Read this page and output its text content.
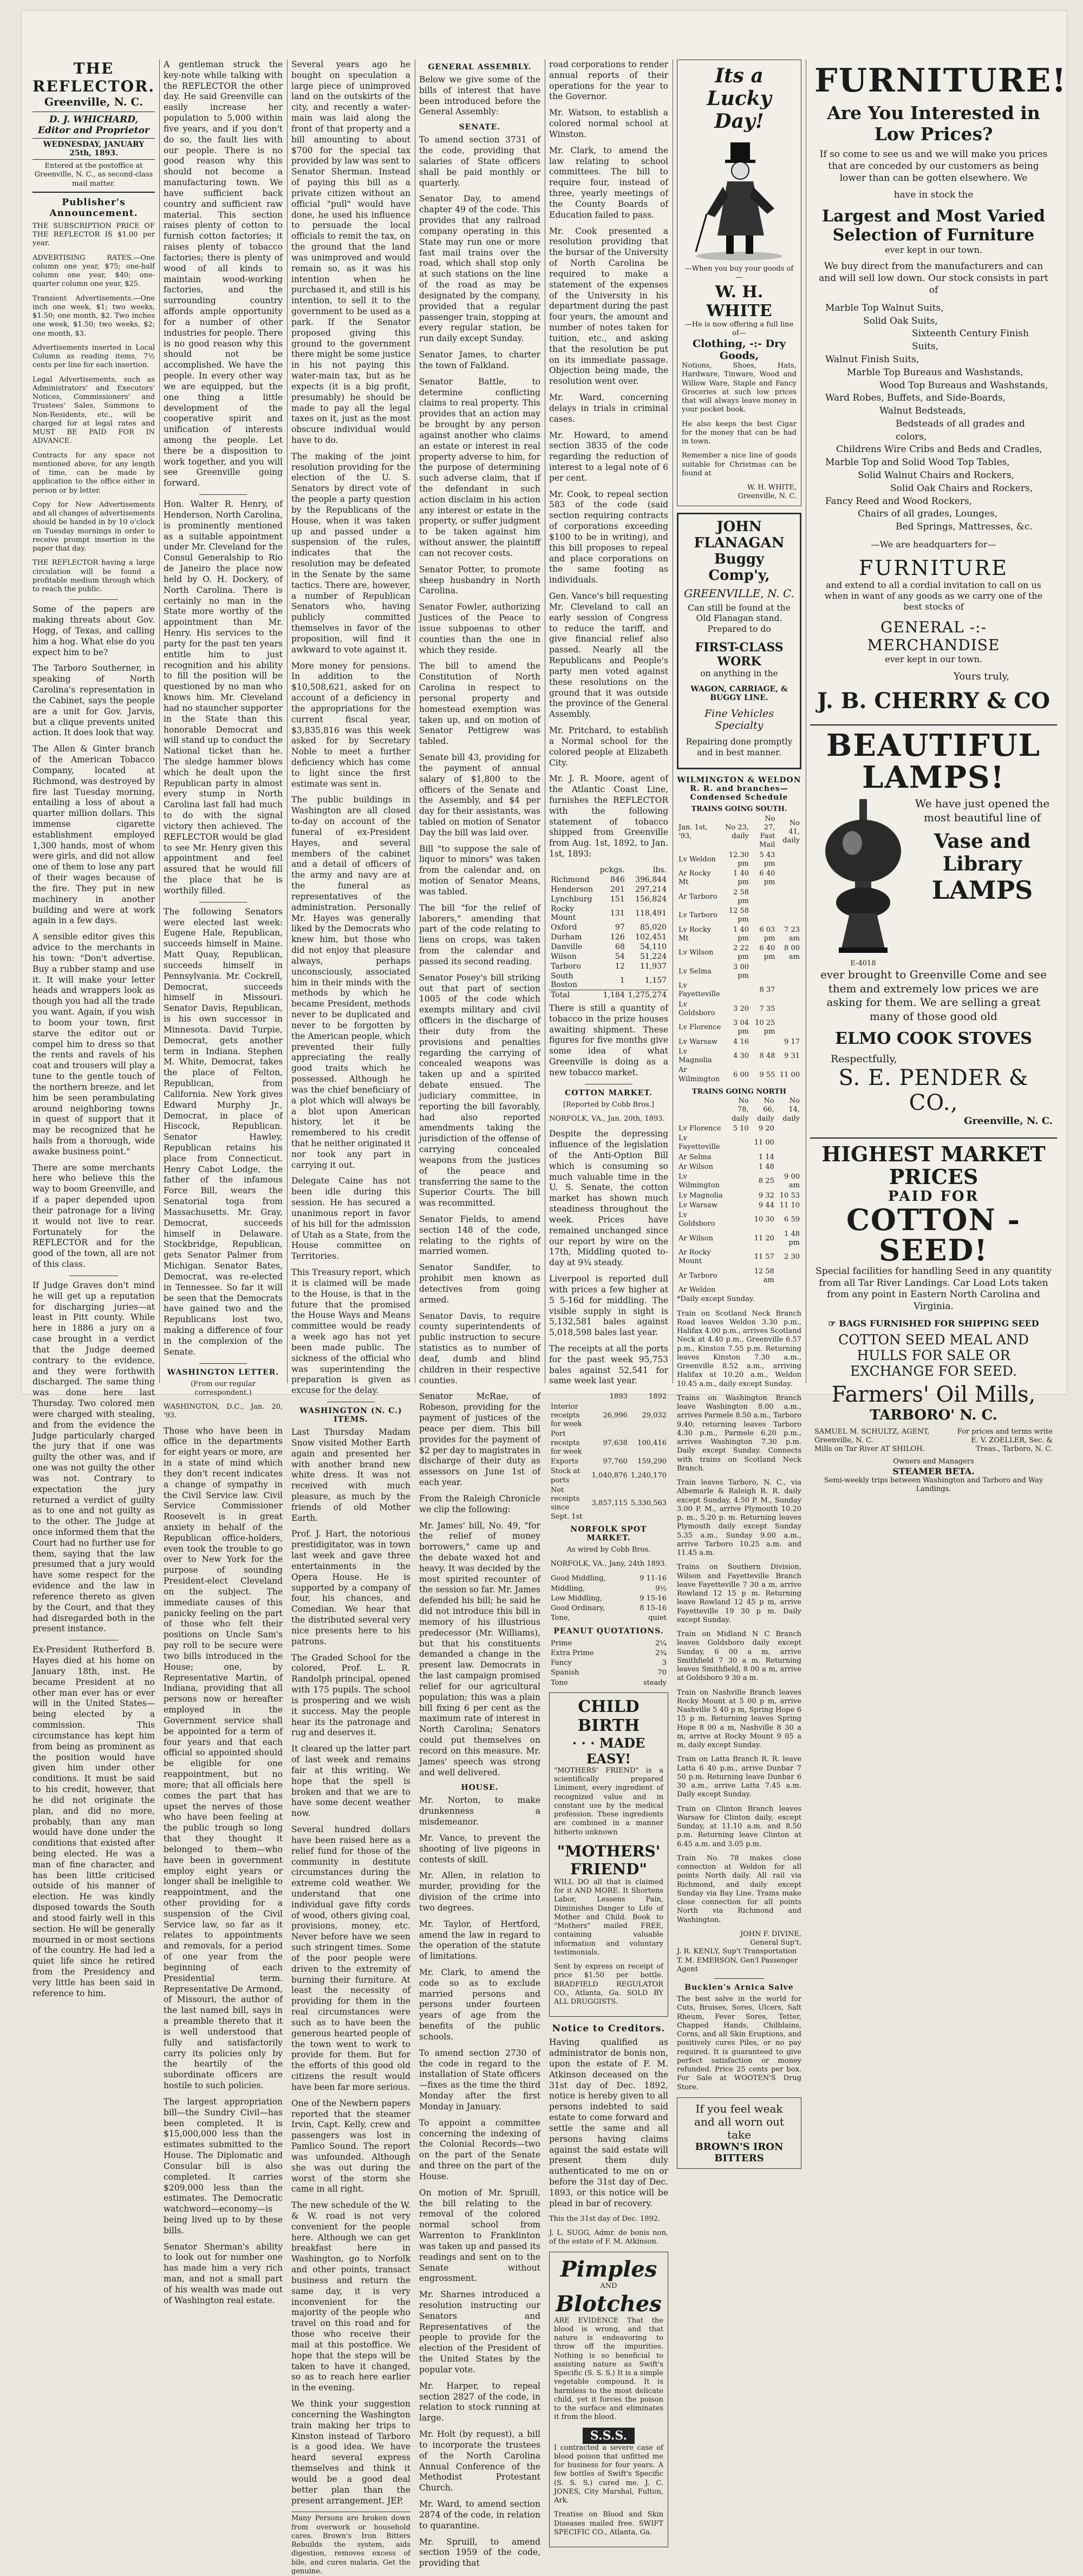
THE REFLECTOR.
Greenville, N. C.
D. J. WHICHARD, Editor and Proprietor
WEDNESDAY, JANUARY 25th, 1893.
Entered at the postoffice at Greenville, N. C., as second-class mail matter.
Publisher's Announcement.

THE SUBSCRIPTION PRICE OF THE REFLECTOR IS $1.00 per year.

ADVERTISING RATES.—One column one year, $75; one-half column one year, $40; one-quarter column one year, $25.

Transient Advertisements.—One inch one week, $1; two weeks, $1.50; one month, $2. Two inches one week, $1.50; two weeks, $2; one month, $3.

Advertisements inserted in Local Column as reading items, 7½ cents per line for each insertion.

Legal Advertisements, such as Administrators' and Executors' Notices, Commissioners' and Trustees' Sales, Summons to Non-Residents, etc., will be charged for at legal rates and MUST BE PAID FOR IN ADVANCE.

Contracts for any space not mentioned above, for any length of time, can be made by application to the office either in person or by letter.

Copy for New Advertisements and all changes of advertisements should be handed in by 10 o'clock on Tuesday mornings in order to receive prompt insertion in the paper that day.

THE REFLECTOR having a large circulation will be found a profitable medium through which to reach the public.

Some of the papers are making threats about Gov. Hogg, of Texas, and calling him a hog. What else do you expect him to be?

The Tarboro Southerner, in speaking of North Carolina's representation in the Cabinet, says the people are a unit for Gov. Jarvis, but a clique prevents united action. It does look that way.

The Allen & Ginter branch of the American Tobacco Company, located at Richmond, was destroyed by fire last Tuesday morning, entailing a loss of about a quarter million dollars. This immense cigarette establishment employed 1,300 hands, most of whom were girls, and did not allow one of them to lose any part of their wages because of the fire. They put in new machinery in another building and were at work again in a few days.

A sensible editor gives this advice to the merchants in his town: "Don't advertise. Buy a rubber stamp and use it. It will make your letter heads and wrappers look as though you had all the trade you want. Again, if you wish to boom your town, first starve the editor out or compel him to dress so that the rents and ravels of his coat and trousers will play a tune to the gentle touch of the northern breeze, and let him be seen perambulating around neighboring towns in quest of support that it may be recognized that he hails from a thorough, wide awake business point."

There are some merchants here who believe this the way to boom Greenville, and if a paper depended upon their patronage for a living it would not live to rear. Fortunately for the REFLECTOR and for the good of the town, all are not of this class.

If Judge Graves don't mind he will get up a reputation for discharging juries—at least in Pitt county. While here in 1886 a jury on a case brought in a verdict that the Judge deemed contrary to the evidence, and they were forthwith discharged. The same thing was done here last Thursday. Two colored men were charged with stealing, and from the evidence the Judge particularly charged the jury that if one was guilty the other was, and if one was not guilty the other was not. Contrary to expectation the jury returned a verdict of guilty as to one and not guilty as to the other. The Judge at once informed them that the Court had no further use for them, saying that the law presumed that a jury would have some respect for the evidence and the law in reference thereto as given by the Court, and that they had disregarded both in the present instance.

Ex-President Rutherford B. Hayes died at his home on January 18th, inst. He became President at no other man ever has or ever will in the United States—being elected by a commission. This circumstance has kept him from being as prominent as the position would have given him under other conditions. It must be said to his credit, however, that he did not originate the plan, and did no more, probably, than any man would have done under the conditions that existed after being elected. He was a man of fine character, and has been little criticised outside of his manner of election. He was kindly disposed towards the South and stood fairly well in this section. He will be generally mourned in or most sections of the country. He had led a quiet life since he retired from the Presidency and very little has been said in reference to him.

A gentleman struck the key-note while talking with the REFLECTOR the other day. He said Greenville can easily increase her population to 5,000 within five years, and if you don't do so, the fault lies with our people. There is no good reason why this should not become a manufacturing town. We have sufficient back country and sufficient raw material. This section raises plenty of cotton to furnish cotton factories; it raises plenty of tobacco factories; there is plenty of wood of all kinds to maintain wood-working factories, and the surrounding country affords ample opportunity for a number of other industries for people. There is no good reason why this should not be accomplished. We have the people. In every other way we are equipped, but the one thing a little development of the cooperative spirit and unification of interests among the people. Let there be a disposition to work together, and you will see Greenville going forward.

Hon. Walter R. Henry, of Henderson, North Carolina, is prominently mentioned as a suitable appointment under Mr. Cleveland for the Consul Generalship to Rio de Janeiro the place now held by O. H. Dockery, of North Carolina. There is certainly no man in the State more worthy of the appointment than Mr. Henry. His services to the party for the past ten years entitle him to just recognition and his ability to fill the position will be questioned by no man who knows him. Mr. Cleveland had no stauncher supporter in the State than this honorable Democrat and will stand up to conduct the National ticket than he. The sledge hammer blows which he dealt upon the Republican party in almost every stump in North Carolina last fall had much to do with the signal victory then achieved. The REFLECTOR would be glad to see Mr. Henry given this appointment and feel assured that he would fill the place that he is worthily filled.

The following Senators were elected last week: Eugene Hale, Republican, succeeds himself in Maine. Matt Quay, Republican, succeeds himself in Pennsylvania. Mr. Cockrell, Democrat, succeeds himself in Missouri. Senator Davis, Republican, is his own successor in Minnesota. David Turpie, Democrat, gets another term in Indiana. Stephen M. White, Democrat, takes the place of Felton, Republican, from California. New York gives Edward Murphy Jr., Democrat, in place of Hiscock, Republican. Senator Hawley, Republican retains his place from Connecticut. Henry Cabot Lodge, the father of the infamous Force Bill, wears the Senatorial toga from Massachusetts. Mr. Gray, Democrat, succeeds himself in Delaware. Stockbridge, Republican, gets Senator Palmer from Michigan. Senator Bates, Democrat, was re-elected in Tennessee. So far it will be seen that the Democrats have gained two and the Republicans lost two, making a difference of four in the complexion of the Senate.

WASHINGTON LETTER.

(From our regular correspondent.)

WASHINGTON, D.C., Jan. 20, '93.

Those who have been in office in the departments for eight years or more, are in a state of mind which they don't recent indicates a change of sympathy in the Civil Service law. Civil Service Commissioner Roosevelt is in great anxiety in behalf of the Republican office-holders, even took the trouble to go over to New York for the purpose of sounding President-elect Cleveland on the subject. The immediate causes of this panicky feeling on the part of those who felt their positions on Uncle Sam's pay roll to be secure were two bills introduced in the House; one, by Representative Martin, of Indiana, providing that all persons now or hereafter employed in the Government service shall be appointed for a term of four years and that each official so appointed should be eligible for one reappointment, but no more; that all officials here comes the part that has upset the nerves of those who have been feeling at the public trough so long that they thought it belonged to them—who have been in government employ eight years or longer shall be ineligible to reappointment, and the other providing for a suspension of the Civil Service law, so far as it relates to appointments and removals, for a period of one year from the beginning of each Presidential term. Representative De Armond, of Missouri, the author of the last named bill, says in a preamble thereto that it is well understood that fully and satisfactorily carry its policies only by the heartily of the subordinate officers are hostile to such policies.

The largest appropriation bill—the Sundry Civil—has been completed. It is $15,000,000 less than the estimates submitted to the House. The Diplomatic and Consular bill is also completed. It carries $209,000 less than the estimates. The Democratic watchword—economy—is being lived up to by these bills.

Senator Sherman's ability to look out for number one has made him a very rich man, and not a small part of his wealth was made out of Washington real estate.

Several years ago he bought on speculation a large piece of unimproved land on the outskirts of the city, and recently a water-main was laid along the front of that property and a bill amounting to about $700 for the special tax provided by law was sent to Senator Sherman. Instead of paying this bill as a private citizen without an official "pull" would have done, he used his influence to persuade the local officials to remit the tax, on the ground that the land was unimproved and would remain so, as it was his intention when he purchased it, and still is his intention, to sell it to the government to be used as a park. If the Senator proposed giving this ground to the government there might be some justice in his not paying this water-main tax, but as he expects (it is a big profit, presumably) he should be made to pay all the legal taxes on it, just as the most obscure individual would have to do.

The making of the joint resolution providing for the election of the U. S. Senators by direct vote of the people a party question by the Republicans of the House, when it was taken up and passed under a suspension of the rules, indicates that the resolution may be defeated in the Senate by the same tactics. There are, however, a number of Republican Senators who, having publicly committed themselves in favor of the proposition, will find it awkward to vote against it.

More money for pensions. In addition to the $10,508,621, asked for on account of a deficiency in the appropriations for the current fiscal year, $3,835,816 was this week asked for by Secretary Noble to meet a further deficiency which has come to light since the first estimate was sent in.

The public buildings in Washington are all closed to-day on account of the funeral of ex-President Hayes, and several members of the cabinet and a detail of officers of the army and navy are at the funeral as representatives of the administration. Personally Mr. Hayes was generally liked by the Democrats who knew him, but those who did not enjoy that pleasure always, perhaps unconsciously, associated him in their minds with the methods by which he became President, methods never to be duplicated and never to be forgotten by the American people, which prevented their fully appreciating the really good traits which he possessed. Although he was the chief beneficiary of a plot which will always be a blot upon American history, let it be remembered to his credit that he neither originated it nor took any part in carrying it out.

Delegate Caine has not been idle during this session. He has secured a unanimous report in favor of his bill for the admission of Utah as a State, from the House committee on Territories.

This Treasury report, which it is claimed will be made to the House, is that in the future that the promised the House Ways and Means committee would be ready a week ago has not yet been made public. The sickness of the official who was superintending the preparation is given as excuse for the delay.

WASHINGTON (N. C.) ITEMS.

Last Thursday Madam Snow visited Mother Earth again and presented her with another brand new white dress. It was not received with much pleasure, as much by the friends of old Mother Earth.

Prof. J. Hart, the notorious prestidigitator, was in town last week and gave three entertainments in the Opera House. He is supported by a company of four, his chances, and Comedian. We hear that the distributed several very nice presents here to his patrons.

The Graded School for the colored, Prof. L. R. Randolph principal, opened with 175 pupils. The school is prospering and we wish it success. May the people hear its the patronage and rug and deserves it.

It cleared up the latter part of last week and remains fair at this writing. We hope that the spell is broken and that we are to have some decent weather now.

Several hundred dollars have been raised here as a relief fund for those of the community in destitute circumstances during the extreme cold weather. We understand that one individual gave fifty cords of wood, others giving coal, provisions, money, etc. Never before have we seen such stringent times. Some of the poor people were driven to the extremity of burning their furniture. At least the necessity of providing for them in the real circumstances were such as to have been the generous hearted people of the town went to work to provide for them. But for the efforts of this good old citizens the result would have been far more serious.

One of the Newbern papers reported that the steamer Irvin, Capt. Kelly, crew and passengers was lost in Pamlico Sound. The report was unfounded. Although she was out during the worst of the storm she came in all right.

The new schedule of the W. & W. road is not very convenient for the people here. Although we can get breakfast here in Washington, go to Norfolk and other points, transact business and return the same day, it is very inconvenient for the majority of the people who travel on this road and for those who receive their mail at this postoffice. We hope that the steps will be taken to have it changed, so as to reach here earlier in the evening.

We think your suggestion concerning the Washington train making her trips to Kinston instead of Tarboro is a good idea. We have heard several express themselves and think it would be a good deal better plan than the present arrangement. JEP.

Many Persons are broken down from overwork or household cares. Brown's Iron Bitters Rebuilds the system, aids digestion, removes excess of bile, and cures malaria. Get the genuine.

GENERAL ASSEMBLY.

Below we give some of the bills of interest that have been introduced before the General Assembly:

SENATE.

To amend section 3731 of the code, providing that salaries of State officers shall be paid monthly or quarterly.

Senator Day, to amend chapter 49 of the code. This provides that any railroad company operating in this State may run one or more fast mail trains over the road, which shall stop only at such stations on the line of the road as may be designated by the company, provided that a regular passenger train, stopping at every regular station, be run daily except Sunday.

Senator James, to charter the town of Falkland.

Senator Battle, to determine conflicting claims to real property. This provides that an action may be brought by any person against another who claims an estate or interest in real property adverse to him, for the purpose of determining such adverse claim, that if the defendant in such action disclaim in his action any interest or estate in the property, or suffer judgment to be taken against him without answer, the plaintiff can not recover costs.

Senator Potter, to promote sheep husbandry in North Carolina.

Senator Fowler, authorizing Justices of the Peace to issue subpoenas to other counties than the one in which they reside.

The bill to amend the Constitution of North Carolina in respect to personal property and homestead exemption was taken up, and on motion of Senator Pettigrew was tabled.

Senate bill 43, providing for the payment of annual salary of $1,800 to the officers of the Senate and the Assembly, and $4 per day for their assistants, was tabled on motion of Senator Day the bill was laid over.

Bill "to suppose the sale of liquor to minors" was taken from the calendar and, on motion of Senator Means, was tabled.

The bill "for the relief of laborers," amending that part of the code relating to liens on crops, was taken from the calendar and passed its second reading.

Senator Posey's bill striking out that part of section 1005 of the code which exempts military and civil officers in the discharge of their duty from the provisions and penalties regarding the carrying of concealed weapons was taken up and a spirited debate ensued. The judiciary committee, in reporting the bill favorably, had also reported amendments taking the jurisdiction of the offense of carrying concealed weapons from the justices of the peace and transferring the same to the Superior Courts. The bill was recommitted.

Senator Fields, to amend section 148 of the code, relating to the rights of married women.

Senator Sandifer, to prohibit men known as detectives from going armed.

Senator Davis, to require county superintendents of public instruction to secure statistics as to number of deaf, dumb and blind children in their respective counties.

Senator McRae, of Robeson, providing for the payment of justices of the peace per diem. This bill provides for the payment of $2 per day to magistrates in discharge of their duty as assessors on June 1st of each year.

From the Raleigh Chronicle we clip the following:

Mr. James' bill, No. 49, "for the relief of money borrowers," came up and the debate waxed hot and heavy. It was decided by the most spirited recounter of the session so far. Mr. James defended his bill; he said he did not introduce this bill in memory of his illustrious predecessor (Mr. Williams), but that his constituents demanded a change in the present law. Democrats in the last campaign promised relief for our agricultural population; this was a plain bill fixing 6 per cent as the maximum rate of interest in North Carolina; Senators could put themselves on record on this measure. Mr. James' speech was strong and well delivered.

HOUSE.

Mr. Norton, to make drunkenness a misdemeanor.

Mr. Vance, to prevent the shooting of live pigeons in contests of skill.

Mr. Allen, in relation to murder, providing for the division of the crime into two degrees.

Mr. Taylor, of Hertford, amend the law in regard to the operation of the statute of limitations.

Mr. Clark, to amend the code so as to exclude married persons and persons under fourteen years of age from the benefits of the public schools.

To amend section 2730 of the code in regard to the installation of State officers—fixes as the time the third Monday after the first Monday in January.

To appoint a committee concerning the indexing of the Colonial Records—two on the part of the Senate and three on the part of the House.

On motion of Mr. Spruill, the bill relating to the removal of the colored normal school from Warrenton to Franklinton was taken up and passed its readings and sent on to the Senate without engrossment.

Mr. Sharnes introduced a resolution instructing our Senators and Representatives of the people to provide for the election of the President of the United States by the popular vote.

Mr. Harper, to repeal section 2827 of the code, in relation to stock running at large.

Mr. Holt (by request), a bill to incorporate the trustees of the North Carolina Annual Conference of the Methodist Protestant Church.

Mr. Ward, to amend section 2874 of the code, in relation to quarantine.

Mr. Spruill, to amend section 1959 of the code, providing that

road corporations to render annual reports of their operations for the year to the Governor.

Mr. Watson, to establish a colored normal school at Winston.

Mr. Clark, to amend the law relating to school committees. The bill to require four, instead of three, yearly meetings of the County Boards of Education failed to pass.

Mr. Cook presented a resolution providing that the bursar of the University of North Carolina be required to make a statement of the expenses of the University in his department during the past four years, the amount and number of notes taken for tuition, etc., and asking that the resolution be put on its immediate passage. Objection being made, the resolution went over.

Mr. Ward, concerning delays in trials in criminal cases.

Mr. Howard, to amend section 3835 of the code regarding the reduction of interest to a legal note of 6 per cent.

Mr. Cook, to repeal section 583 of the code (said section requiring contracts of corporations exceeding $100 to be in writing), and this bill proposes to repeal and place corporations on the same footing as individuals.

Gen. Vance's bill requesting Mr. Cleveland to call an early session of Congress to reduce the tariff, and give financial relief also passed. Nearly all the Republicans and People's party men voted against these resolutions on the ground that it was outside the province of the General Assembly.

Mr. Pritchard, to establish a Normal school for the colored people at Elizabeth City.

Mr. J. R. Moore, agent of the Atlantic Coast Line, furnishes the REFLECTOR with the following statement of tobacco shipped from Greenville from Aug. 1st, 1892, to Jan. 1st, 1893:

	pckgs.	lbs.
Richmond	846	396,844
Henderson	201	297,214
Lynchburg	151	156,824
Rocky Mount	131	118,491
Oxford	97	85,020
Durham	126	102,451
Danville	68	54,110
Wilson	54	51,224
Tarboro	12	11,937
South Boston	1	1,157
Total	1,184	1,275,274

There is still a quantity of tobacco in the prize houses awaiting shipment. These figures for five months give some idea of what Greenville is doing as a new tobacco market.

COTTON MARKET.

[Reported by Cobb Bros.]

NORFOLK, VA., Jan. 20th, 1893.

Despite the depressing influence of the legislation of the Anti-Option Bill which is consuming so much valuable time in the U. S. Senate, the cotton market has shown much steadiness throughout the week. Prices have remained unchanged since our report by wire on the 17th, Middling quoted to-day at 9¾ steady.

Liverpool is reported dull with prices a few higher at 5 5-16d for middling. The visible supply in sight is 5,132,581 bales against 5,018,598 bales last year.

The receipts at all the ports for the past week 95,753 bales against 52,541 for same week last year.

	1893	1892
Interior receipts for week	26,996	29,032
Port receipts for week	97,638	100,416
Exports	97,760	159,290
Stock at ports	1,040,876	1,240,170
Net receipts since Sept. 1st	3,857,115	5,330,563
NORFOLK SPOT MARKET.

As wired by Cobb Bros.

NORFOLK, VA., Jany, 24th 1893.

Good Middling,	9 11-16
Middling,	9½
Low Middling,	9 15-16
Good Ordinary,	8 15-16
Tone,	quiet
PEANUT QUOTATIONS.
Prime	2¼
Extra Prime	2¾
Fancy	3
Spanish	70
Tone	steady
CHILD BIRTH
· · · MADE EASY!

"MOTHERS' FRIEND" is a scientifically prepared Liniment, every ingredient of recognized value and in constant use by the medical profession. These ingredients are combined in a manner hitherto unknown

"MOTHERS' FRIEND"

WILL DO all that is claimed for it AND MORE. It Shortens Labor, Lessens Pain, Diminishes Danger to Life of Mother and Child. Book to "Mothers" mailed FREE, containing valuable information and voluntary testimonials.

Sent by express on receipt of price $1.50 per bottle. BRADFIELD REGULATOR CO., Atlanta, Ga. SOLD BY ALL DRUGGISTS.

Notice to Creditors.

Having qualified as administrator de bonis non, upon the estate of F. M. Atkinson deceased on the 31st day of Dec. 1892, notice is hereby given to all persons indebted to said estate to come forward and settle the same and all persons having claims against the said estate will present them duly authenticated to me on or before the 31st day of Dec. 1893, or this notice will be plead in bar of recovery.

This the 31st day of Dec. 1892.

J. L. SUGG, Admr. de bonis non, of the estate of F. M. Atkinson.

Pimples
AND
Blotches

ARE EVIDENCE That the blood is wrong, and that nature is endeavoring to throw off the impurities. Nothing is so beneficial to assisting nature as Swift's Specific (S. S. S.) It is a simple vegetable compound. It is harmless to the most delicate child, yet it forces the poison to the surface and eliminates it from the blood.

S.S.S.

I contracted a severe case of blood poison that unfitted me for business for four years. A few bottles of Swift's Specific (S. S. S.) cured me. J. C. JONES, City Marshal, Fulton, Ark.

Treatise on Blood and Skin Diseases mailed free. SWIFT SPECIFIC CO., Atlanta, Ga.

Its a Lucky Day!
—When you buy your goods of—
W. H. WHITE
—He is now offering a full line of—
Clothing, -:- Dry Goods,

Notions, Shoes, Hats, Hardware, Tinware, Wood and Willow Ware, Staple and Fancy Groceries at such low prices that will always leave money in your pocket book.

He also keeps the best Cigar for the money that can be had in town.

Remember a nice line of goods suitable for Christmas can be found at

W. H. WHITE,
Greenville, N. C.
JOHN FLANAGAN
Buggy Comp'y,
GREENVILLE, N. C.

Can still be found at the Old Flanagan stand. Prepared to do

FIRST-CLASS WORK

on anything in the

WAGON, CARRIAGE, & BUGGY LINE.
Fine Vehicles Specialty

Repairing done promptly and in best manner.

WILMINGTON & WELDON R. R. and branches—Condensed Schedule
TRAINS GOING SOUTH.
Jan. 1st, '93,	No 23, daily	No 27, Fast Mail	No 41, daily
Lv Weldon	12.30 pm	5 43 pm	
Ar Rocky Mt	1 40 pm	6 40 pm	
Ar Tarboro	2 58 pm		
Lv Tarboro	12 58 pm		
Lv Rocky Mt	1 40 pm	6 03 pm	7 23 am
Lv Wilson	2 22 pm	6 40 pm	8 00 am
Lv Selma	3 00 pm		
Lv Fayetteville		8 37	
Lv Goldsboro	3 20	7 35	
Lv Florence	3 04 pm	10 25 pm	
Lv Warsaw	4 16		9 17
Lv Magnolia	4 30	8 48	9 31
Ar Wilmington	6 00	9 55	11 00
TRAINS GOING NORTH
	No 78, daily	No 66, daily	No 14, daily
Lv Florence	5 10	9 20	
Lv Fayetteville		11 00	
Ar Selma		1 14	
Ar Wilson		1 48	
Lv Wilmington		8 25	9 00 am
Lv Magnolia		9 32	10 53
Lv Warsaw		9 44	11 10
Lv Goldsboro		10 30	6 59
Ar Wilson		11 20	1 48 pm
Ar Rocky Mount		11 57	2 30
Ar Tarboro		12 58 am	
Ar Weldon			

*Daily except Sunday.

Train on Scotland Neck Branch Road leaves Weldon 3.30 p.m., Halifax 4.00 p.m., arrives Scotland Neck at 4.40 p.m., Greenville 6.57 p.m., Kinston 7.55 p.m. Returning leaves Kinston 7.30 a.m., Greenville 8.52 a.m., arriving Halifax at 10.20 a.m., Weldon 10.45 a.m., daily except Sunday.

Trains on Washington Branch leave Washington 8.00 a.m., arrives Parmele 8.50 a.m., Tarboro 9.40; returning leaves Tarboro 4.30 p.m., Parmele 6.20 p.m., arrives Washington 7.30 p.m. Daily except Sunday. Connects with trains on Scotland Neck Branch.

Train leaves Tarboro, N. C., via Albemarle & Raleigh R. R. daily except Sunday, 4.50 P. M., Sunday 3.00 P. M., arrive Plymouth 10.20 p. m., 5.20 p. m. Returning leaves Plymouth daily except Sunday 5.35 a.m., Sunday 9.00 a.m., arrive Tarboro 10.25 a.m. and 11.45 a.m.

Trains on Southern Division, Wilson and Fayetteville Branch leave Fayetteville 7 30 a m, arrive Rowland 12 15 p m. Returning leave Rowland 12 45 p m, arrive Fayetteville 19 30 p m. Daily except Sunday.

Train on Midland N C Branch leaves Goldsboro daily except Sunday, 6 00 a m, arrive Smithfield 7 30 a m. Returning leaves Smithfield, 8 00 a m, arrive at Goldsboro 9 30 a m.

Train on Nashville Branch leaves Rocky Mount at 5 00 p m, arrive Nashville 5 40 p m, Spring Hope 6 15 p m. Returning leaves Spring Hope 8 00 a m, Nashville 8 30 a m, arrive at Rocky Mount 9 05 a m, daily except Sunday.

Train on Latta Branch R. R. leave Latta 6 40 p.m., arrive Dunbar 7 50 p.m. Returning leave Dunbar 6 30 a.m., arrive Latta 7.45 a.m. Daily except Sunday.

Train on Clinton Branch leaves Warsaw for Clinton daily, except Sunday, at 11.10 a.m. and 8.50 p.m. Returning leave Clinton at 6.45 a.m. and 3.05 p.m.

Train No. 78 makes close connection at Weldon for all points North daily. All rail via Richmond, and daily except Sunday via Bay Line. Trains make close connection for all points North via Richmond and Washington.

JOHN F. DIVINE,
General Sup't.
J. R. KENLY, Sup't Transportation
T. M. EMERSON, Gen'l Passenger Agent
Bucklen's Arnica Salve

The best salve in the world for Cuts, Bruises, Sores, Ulcers, Salt Rheum, Fever Sores, Tetter, Chapped Hands, Chilblains, Corns, and all Skin Eruptions, and positively cures Piles, or no pay required. It is guaranteed to give perfect satisfaction or money refunded. Price 25 cents per box. For Sale at WOOTEN'S Drug Store.

If you feel weak
and all worn out take
BROWN'S IRON BITTERS
FURNITURE!
Are You Interested in Low Prices?

If so come to see us and we will make you prices that are conceded by our customers as being lower than can be gotten elsewhere. We

have in stock the

Largest and Most Varied
Selection of Furniture

ever kept in our town.

We buy direct from the manufacturers and can and will sell low down. Our stock consists in part of

Marble Top Walnut Suits,
Solid Oak Suits,
Sixteenth Century Finish Suits,
Walnut Finish Suits,
Marble Top Bureaus and Washstands,
Wood Top Bureaus and Washstands,
Ward Robes, Buffets, and Side-Boards,
Walnut Bedsteads,
Bedsteads of all grades and colors,
Childrens Wire Cribs and Beds and Cradles,
Marble Top and Solid Wood Top Tables,
Solid Walnut Chairs and Rockers,
Solid Oak Chairs and Rockers,
Fancy Reed and Wood Rockers,
Chairs of all grades, Lounges,
Bed Springs, Mattresses, &c.

—We are headquarters for—

FURNITURE

and extend to all a cordial invitation to call on us when in want of any goods as we carry one of the best stocks of

GENERAL -:- MERCHANDISE

ever kept in our town.

Yours truly,

J. B. CHERRY & CO
BEAUTIFUL LAMPS!
E-4018

We have just opened the most beautiful line of

Vase and Library
LAMPS

ever brought to Greenville Come and see them and extremely low prices we are asking for them. We are selling a great many of those good old

ELMO COOK STOVES

Respectfully,

S. E. PENDER & CO.,
Greenville, N. C.
HIGHEST MARKET PRICES
PAID FOR
COTTON - SEED!

Special facilities for handling Seed in any quantity from all Tar River Landings. Car Load Lots taken from any point in Eastern North Carolina and Virginia.

☞ BAGS FURNISHED FOR SHIPPING SEED
COTTON SEED MEAL AND HULLS FOR SALE OR EXCHANGE FOR SEED.
Farmers' Oil Mills,
TARBORO' N. C.
SAMUEL M. SCHULTZ, AGENT, Greenville, N. C.
Mills on Tar River AT SHILOH.
For prices and terms write E. V. ZOELLER, Sec. & Treas., Tarboro, N. C.
Owners and Managers
STEAMER BETA.
Semi-weekly trips between Washington and Tarboro and Way Landings.
